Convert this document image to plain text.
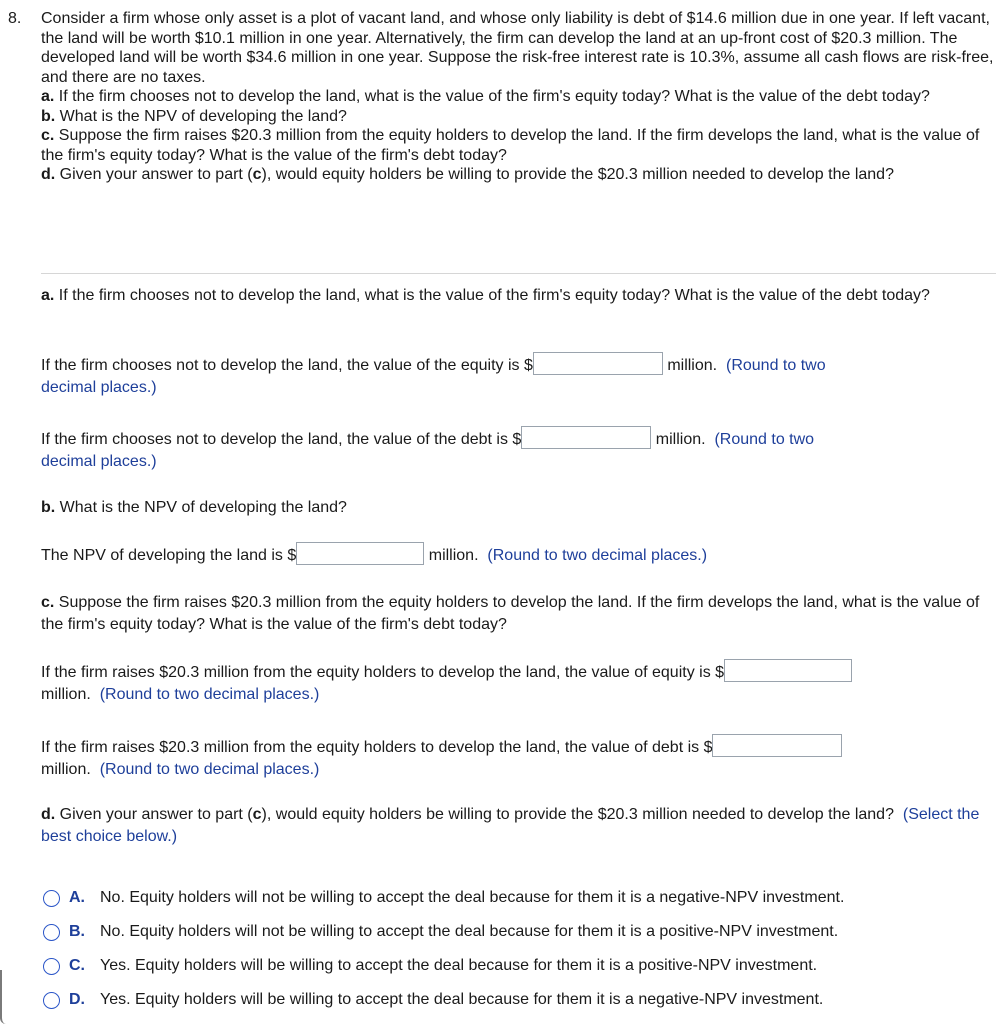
8. Consider a firm whose only asset is a plot of vacant land, and whose only liability is debt of $14.6 million due in one year. If left vacant, the land will be worth $10.1 million in one year. Alternatively, the firm can develop the land at an up-front cost of $20.3 million. The developed land will be worth $34.6 million in one year. Suppose the risk-free interest rate is 10.3%, assume all cash flows are risk-free, and there are no taxes.

a. If the firm chooses not to develop the land, what is the value of the firm's equity today? What is the value of the debt today?

b. What is the NPV of developing the land?

c. Suppose the firm raises $20.3 million from the equity holders to develop the land. If the firm develops the land, what is the value of the firm's equity today? What is the value of the firm's debt today?

d. Given your answer to part (c), would equity holders be willing to provide the $20.3 million needed to develop the land?

a. If the firm chooses not to develop the land, what is the value of the firm's equity today? What is the value of the debt today?

If the firm chooses not to develop the land, the value of the equity is $	million. (Round to two
decimal places.)

If the firm chooses not to develop the land, the value of the debt is $	million. (Round to two
decimal places.)

b. What is the NPV of developing the land?

The NPV of developing the land is $	million. (Round to two decimal places.)

c. Suppose the firm raises $20.3 million from the equity holders to develop the land. If the firm develops the land, what is the value of the firm's equity today? What is the value of the firm's debt today?

If the firm raises $20.3 million from the equity holders to develop the land, the value of equity is $
million. (Round to two decimal places.)

If the firm raises $20.3 million from the equity holders to develop the land, the value of debt is $
million. (Round to two decimal places.)

d. Given your answer to part (c), would equity holders be willing to provide the $20.3 million needed to develop the land? (Select the best choice below.)

A. No. Equity holders will not be willing to accept the deal because for them it is a negative-NPV investment.
B. No. Equity holders will not be willing to accept the deal because for them it is a positive-NPV investment.
C. Yes. Equity holders will be willing to accept the deal because for them it is a positive-NPV investment.
D. Yes. Equity holders will be willing to accept the deal because for them it is a negative-NPV investment.
